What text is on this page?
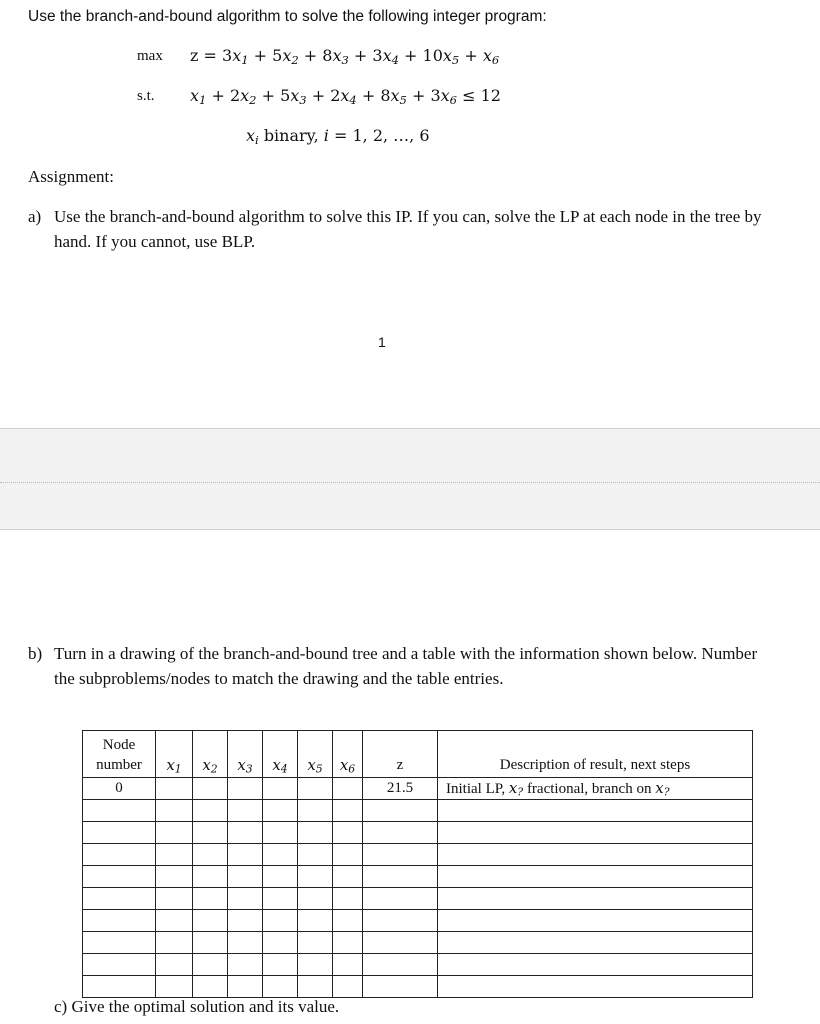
Use the branch-and-bound algorithm to solve the following integer program:
max
s.t.
$z = 3x_1 + 5x_2 + 8x_3 + 3x_4 + 10x_5 + x_6$
$x_1 + 2x_2 + 5x_3 + 2x_4 + 8x_5 + 3x_6 \le 12$
$x_i$ binary, i = 1, 2, …, 6
Assignment:
a) Use the branch-and-bound algorithm to solve this IP. If you can, solve the LP at each node in the tree by hand. If you cannot, use BLP.
1
b) Turn in a drawing of the branch-and-bound tree and a table with the information shown below. Number the subproblems/nodes to match the drawing and the table entries.
Node
number	$x_1$	$x_2$	$x_3$	$x_4$	$x_5$	$x_6$	z	Description of result, next steps
0							21.5	Initial LP, $x_?$ fractional, branch on $x_?$

c) Give the optimal solution and its value.
